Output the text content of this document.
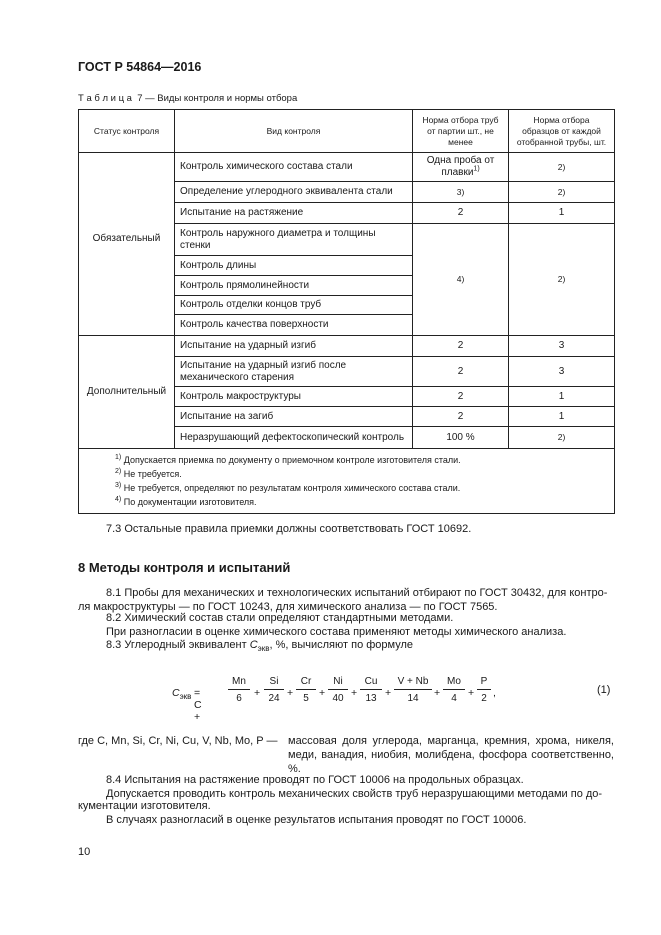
ГОСТ Р 54864—2016
Т а б л и ц а  7 — Виды контроля и нормы отбора
Статус контроля	Вид контроля	Норма отбора труб от партии шт., не менее	Норма отбора образцов от каждой отобранной трубы, шт.
Обязательный	Контроль химического состава стали	Одна проба от плавки$^{1)}$	2)
	Определение углеродного эквивалента стали	3)	2)
	Испытание на растяжение	2	1
	Контроль наружного диаметра и толщины стенки	4)	2)
	Контроль длины		
	Контроль прямолинейности		
	Контроль отделки концов труб		
	Контроль качества поверхности		
Дополнительный	Испытание на ударный изгиб	2	3
	Испытание на ударный изгиб после механического старения	2	3
	Контроль макроструктуры	2	1
	Испытание на загиб	2	1
	Неразрушающий дефектоскопический контроль	100 %	2)

$^{1)}$ Допускается приемка по документу о приемочном контроле изготовителя стали.
$^{2)}$ Не требуется.
$^{3)}$ Не требуется, определяют по результатам контроля химического состава стали.
$^{4)}$ По документации изготовителя.			
7.3 Остальные правила приемки должны соответствовать ГОСТ 10692.
8 Методы контроля и испытаний
8.1 Пробы для механических и технологических испытаний отбирают по ГОСТ 30432, для контро-
ля макроструктуры — по ГОСТ 10243, для химического анализа — по ГОСТ 7565.
8.2 Химический состав стали определяют стандартными методами.
При разногласии в оценке химического состава применяют методы химического анализа.
8.3 Углеродный эквивалент $C_{экв}$, %, вычисляют по формуле
$C_{экв} = C$ +
$\frac{Mn}{6} + \frac{Si}{24} + \frac{Cr}{5} + \frac{Ni}{40} + \frac{Cu}{13} + \frac{V + Nb}{14} + \frac{Mo}{4} + \frac{P}{2}$ ,	(1)
где C, Mn, Si, Cr, Ni, Cu, V, Nb, Mo, P — массовая доля углерода, марганца, кремния, хрома, никеля, меди, ванадия, ниобия, молибдена, фосфора соответственно, %.
8.4 Испытания на растяжение проводят по ГОСТ 10006 на продольных образцах.
Допускается проводить контроль механических свойств труб неразрушающими методами по до-
кументации изготовителя.
В случаях разногласий в оценке результатов испытания проводят по ГОСТ 10006.
10
